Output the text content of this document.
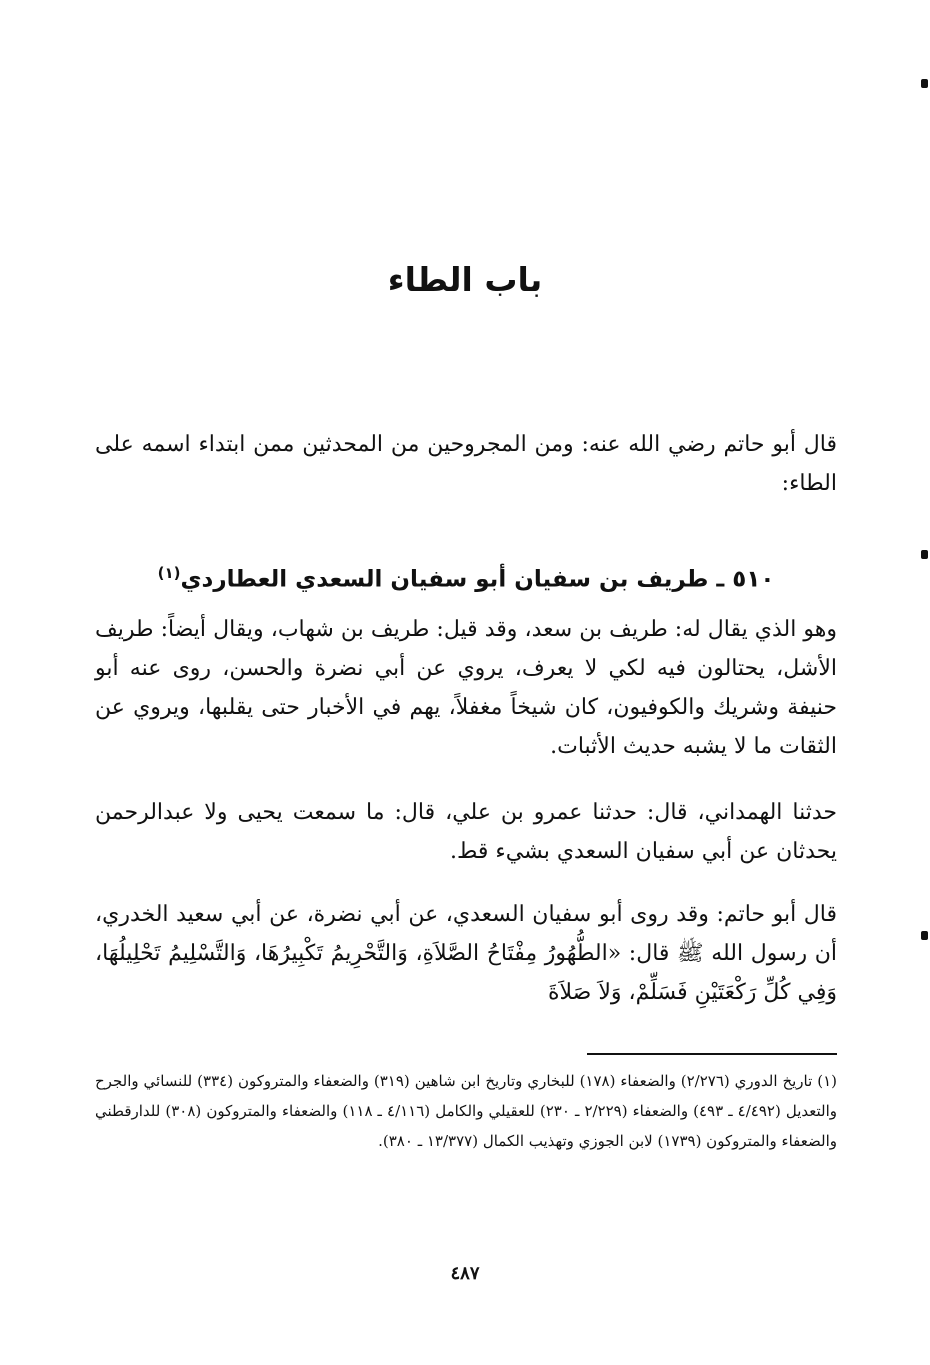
باب الطاء
قال أبو حاتم رضي الله عنه: ومن المجروحين من المحدثين ممن ابتداء اسمه على الطاء:
٥١٠ ـ طريف بن سفيان أبو سفيان السعدي العطاردي$^{(١)}$
وهو الذي يقال له: طريف بن سعد، وقد قيل: طريف بن شهاب، ويقال أيضاً: طريف الأشل، يحتالون فيه لكي لا يعرف، يروي عن أبي نضرة والحسن، روى عنه أبو حنيفة وشريك والكوفيون، كان شيخاً مغفلاً، يهم في الأخبار حتى يقلبها، ويروي عن الثقات ما لا يشبه حديث الأثبات.
حدثنا الهمداني، قال: حدثنا عمرو بن علي، قال: ما سمعت يحيى ولا عبدالرحمن يحدثان عن أبي سفيان السعدي بشيء قط.
قال أبو حاتم: وقد روى أبو سفيان السعدي، عن أبي نضرة، عن أبي سعيد الخدري، أن رسول الله ﷺ قال: «الطُّهُورُ مِفْتَاحُ الصَّلاَةِ، وَالتَّحْرِيمُ تَكْبِيرُهَا، وَالتَّسْلِيمُ تَحْلِيلُهَا، وَفِي كُلِّ رَكْعَتَيْنِ فَسَلِّمْ، وَلاَ صَلاَةَ
(١) تاريخ الدوري (٢/٢٧٦) والضعفاء (١٧٨) للبخاري وتاريخ ابن شاهين (٣١٩) والضعفاء والمتروكون (٣٣٤) للنسائي والجرح والتعديل (٤/٤٩٢ ـ ٤٩٣) والضعفاء (٢/٢٢٩ ـ ٢٣٠) للعقيلي والكامل (٤/١١٦ ـ ١١٨) والضعفاء والمتروكون (٣٠٨) للدارقطني والضعفاء والمتروكون (١٧٣٩) لابن الجوزي وتهذيب الكمال (١٣/٣٧٧ ـ ٣٨٠).
٤٨٧
